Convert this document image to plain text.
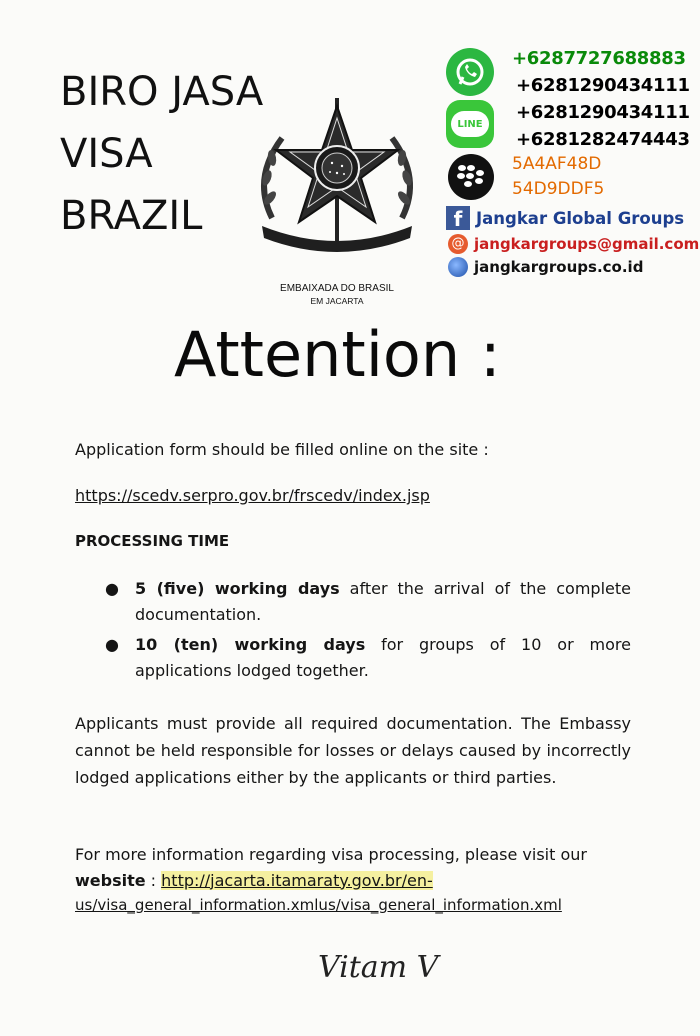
BIRO JASA
VISA
BRAZIL
EMBAIXADA DO BRASIL
EM JACARTA
LINE
+6287727688883
+6281290434111
+6281290434111
+6281282474443
5A4AF48D
54D9DDF5
f Jangkar Global Groups
@ jangkargroups@gmail.com
jangkargroups.co.id
Attention :
Application form should be filled online on the site :
https://scedv.serpro.gov.br/frscedv/index.jsp
PROCESSING TIME
● 5 (five) working days after the arrival of the complete documentation.
● 10 (ten) working days for groups of 10 or more applications lodged together.
Applicants must provide all required documentation. The Embassy cannot be held responsible for losses or delays caused by incorrectly lodged applications either by the applicants or third parties.
For more information regarding visa processing, please visit our
website : http://jacarta.itamaraty.gov.br/en-
us/visa_general_information.xmlus/visa_general_information.xml
Vitam V
